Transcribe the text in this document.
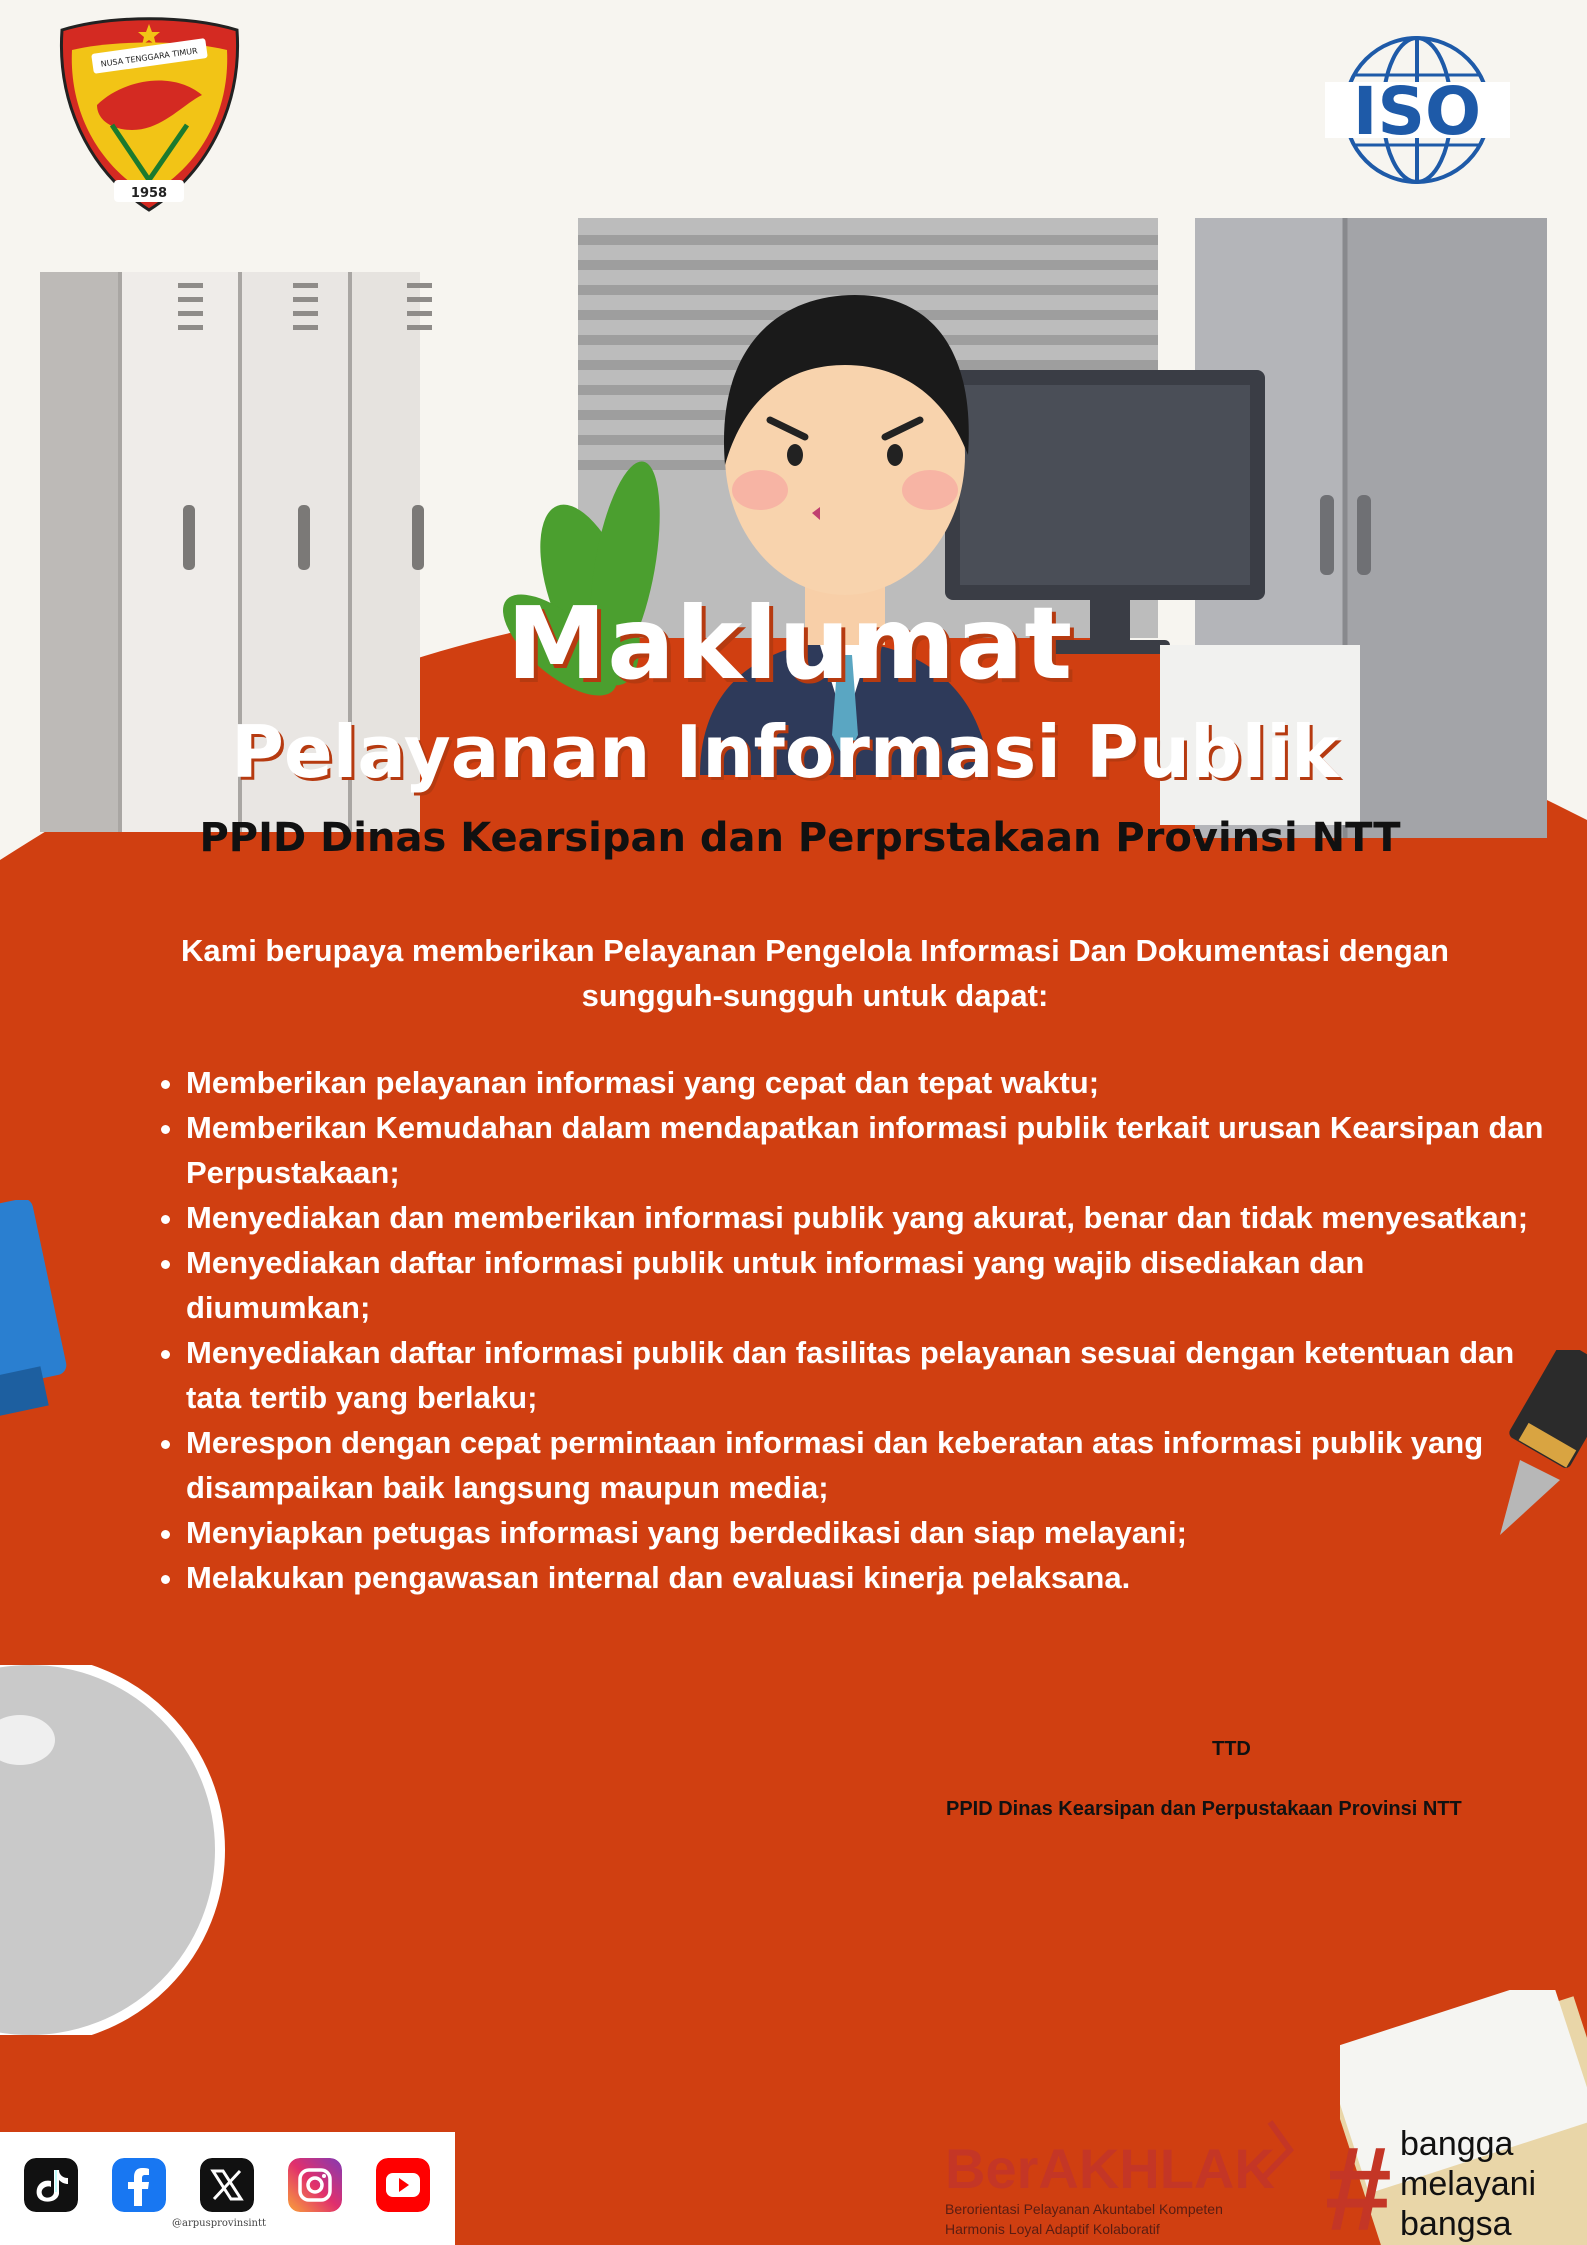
NUSA TENGGARA TIMUR
1958
ISO
Maklumat
Pelayanan Informasi Publik
PPID Dinas Kearsipan dan Perprstakaan Provinsi NTT
Kami berupaya memberikan Pelayanan Pengelola Informasi Dan Dokumentasi dengan sungguh-sungguh untuk dapat:
• Memberikan pelayanan informasi yang cepat dan tepat waktu;
• Memberikan Kemudahan dalam mendapatkan informasi publik terkait urusan Kearsipan dan Perpustakaan;
• Menyediakan dan memberikan informasi publik yang akurat, benar dan tidak menyesatkan;
• Menyediakan daftar informasi publik untuk informasi yang wajib disediakan dan diumumkan;
• Menyediakan daftar informasi publik dan fasilitas pelayanan sesuai dengan ketentuan dan tata tertib yang berlaku;
• Merespon dengan cepat permintaan informasi dan keberatan atas informasi publik yang disampaikan baik langsung maupun media;
• Menyiapkan petugas informasi yang berdedikasi dan siap melayani;
• Melakukan pengawasan internal dan evaluasi kinerja pelaksana.
TTD
PPID Dinas Kearsipan dan Perpustakaan Provinsi NTT
@arpusprovinsintt
BerAKHLAK
Berorientasi Pelayanan Akuntabel Kompeten
Harmonis Loyal Adaptif Kolaboratif # bangga
melayani
bangsa
